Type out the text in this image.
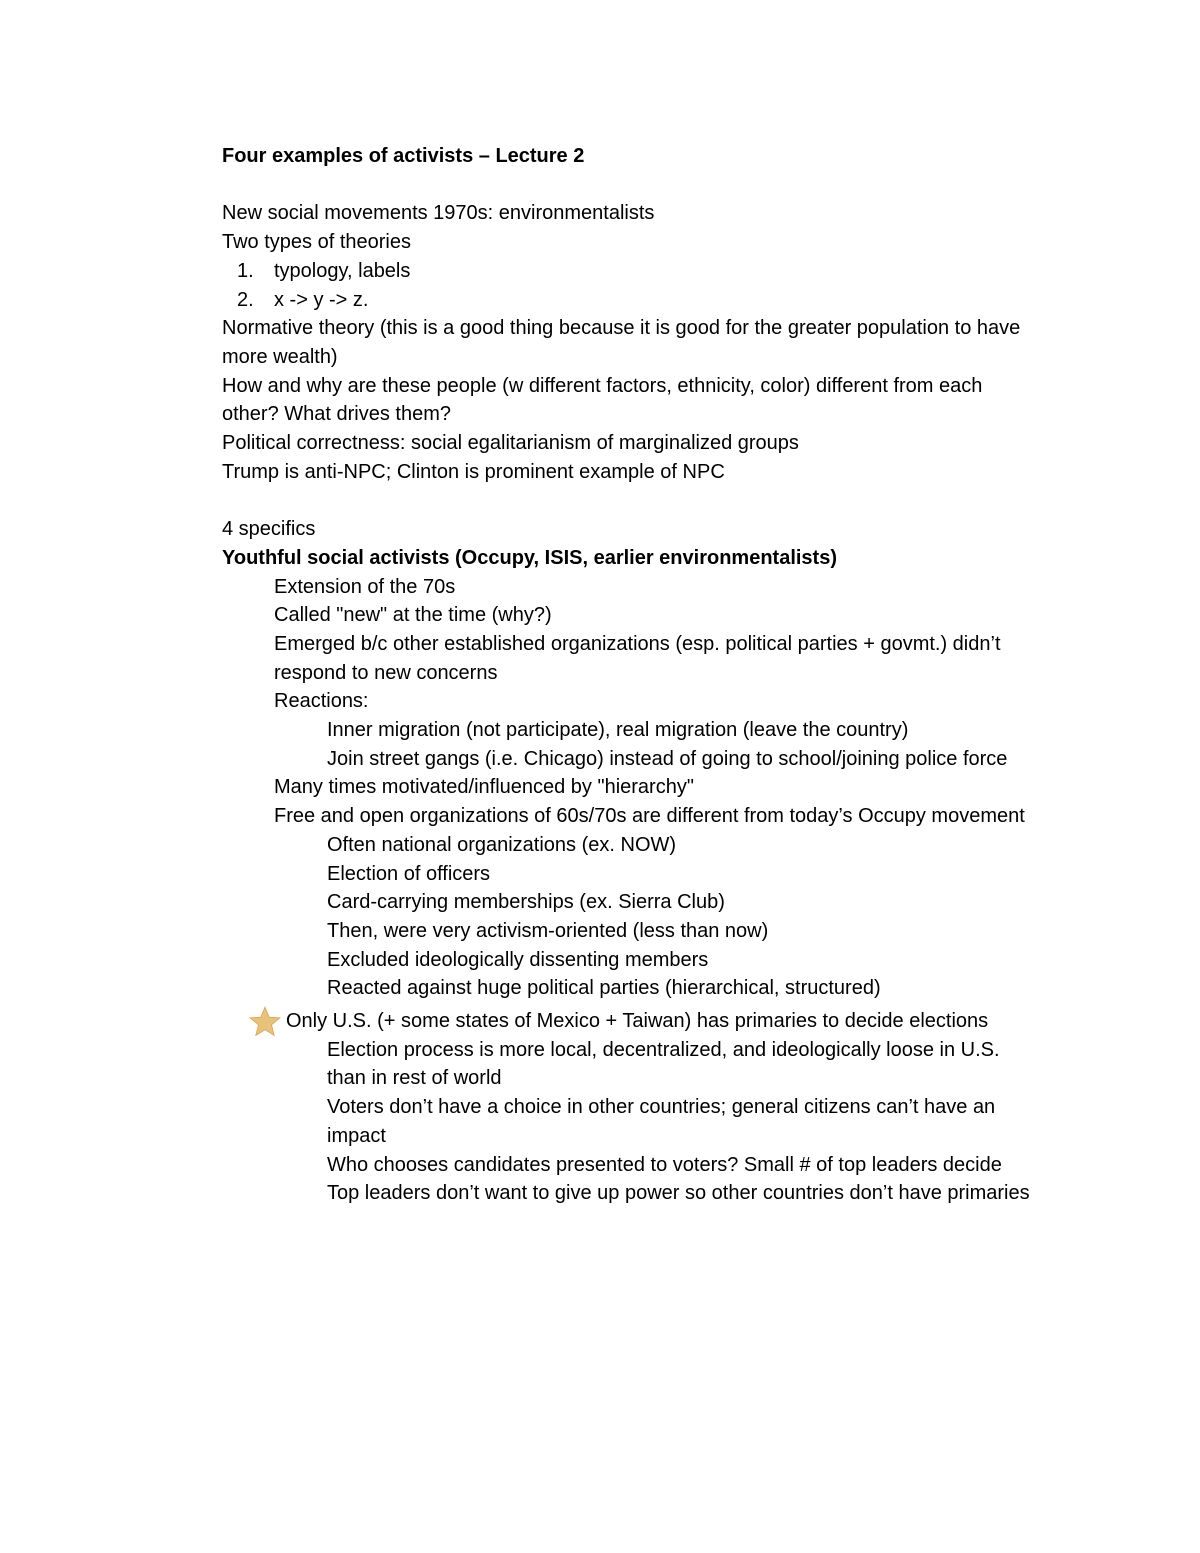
Four examples of activists – Lecture 2
New social movements 1970s: environmentalists
Two types of theories
1.	typology, labels
2.	x -> y -> z.
Normative theory (this is a good thing because it is good for the greater population to have more wealth)
How and why are these people (w different factors, ethnicity, color) different from each other? What drives them?
Political correctness: social egalitarianism of marginalized groups
Trump is anti-NPC; Clinton is prominent example of NPC
4 specifics
Youthful social activists (Occupy, ISIS, earlier environmentalists)
Extension of the 70s
Called "new" at the time (why?)
Emerged b/c other established organizations (esp. political parties + govmt.) didn’t respond to new concerns
Reactions:
Inner migration (not participate), real migration (leave the country)
Join street gangs (i.e. Chicago) instead of going to school/joining police force
Many times motivated/influenced by "hierarchy"
Free and open organizations of 60s/70s are different from today’s Occupy movement
Often national organizations (ex. NOW)
Election of officers
Card-carrying memberships (ex. Sierra Club)
Then, were very activism-oriented (less than now)
Excluded ideologically dissenting members
Reacted against huge political parties (hierarchical, structured)
Only U.S. (+ some states of Mexico + Taiwan) has primaries to decide elections
Election process is more local, decentralized, and ideologically loose in U.S. than in rest of world
Voters don’t have a choice in other countries; general citizens can’t have an impact
Who chooses candidates presented to voters? Small # of top leaders decide
Top leaders don’t want to give up power so other countries don’t have primaries
